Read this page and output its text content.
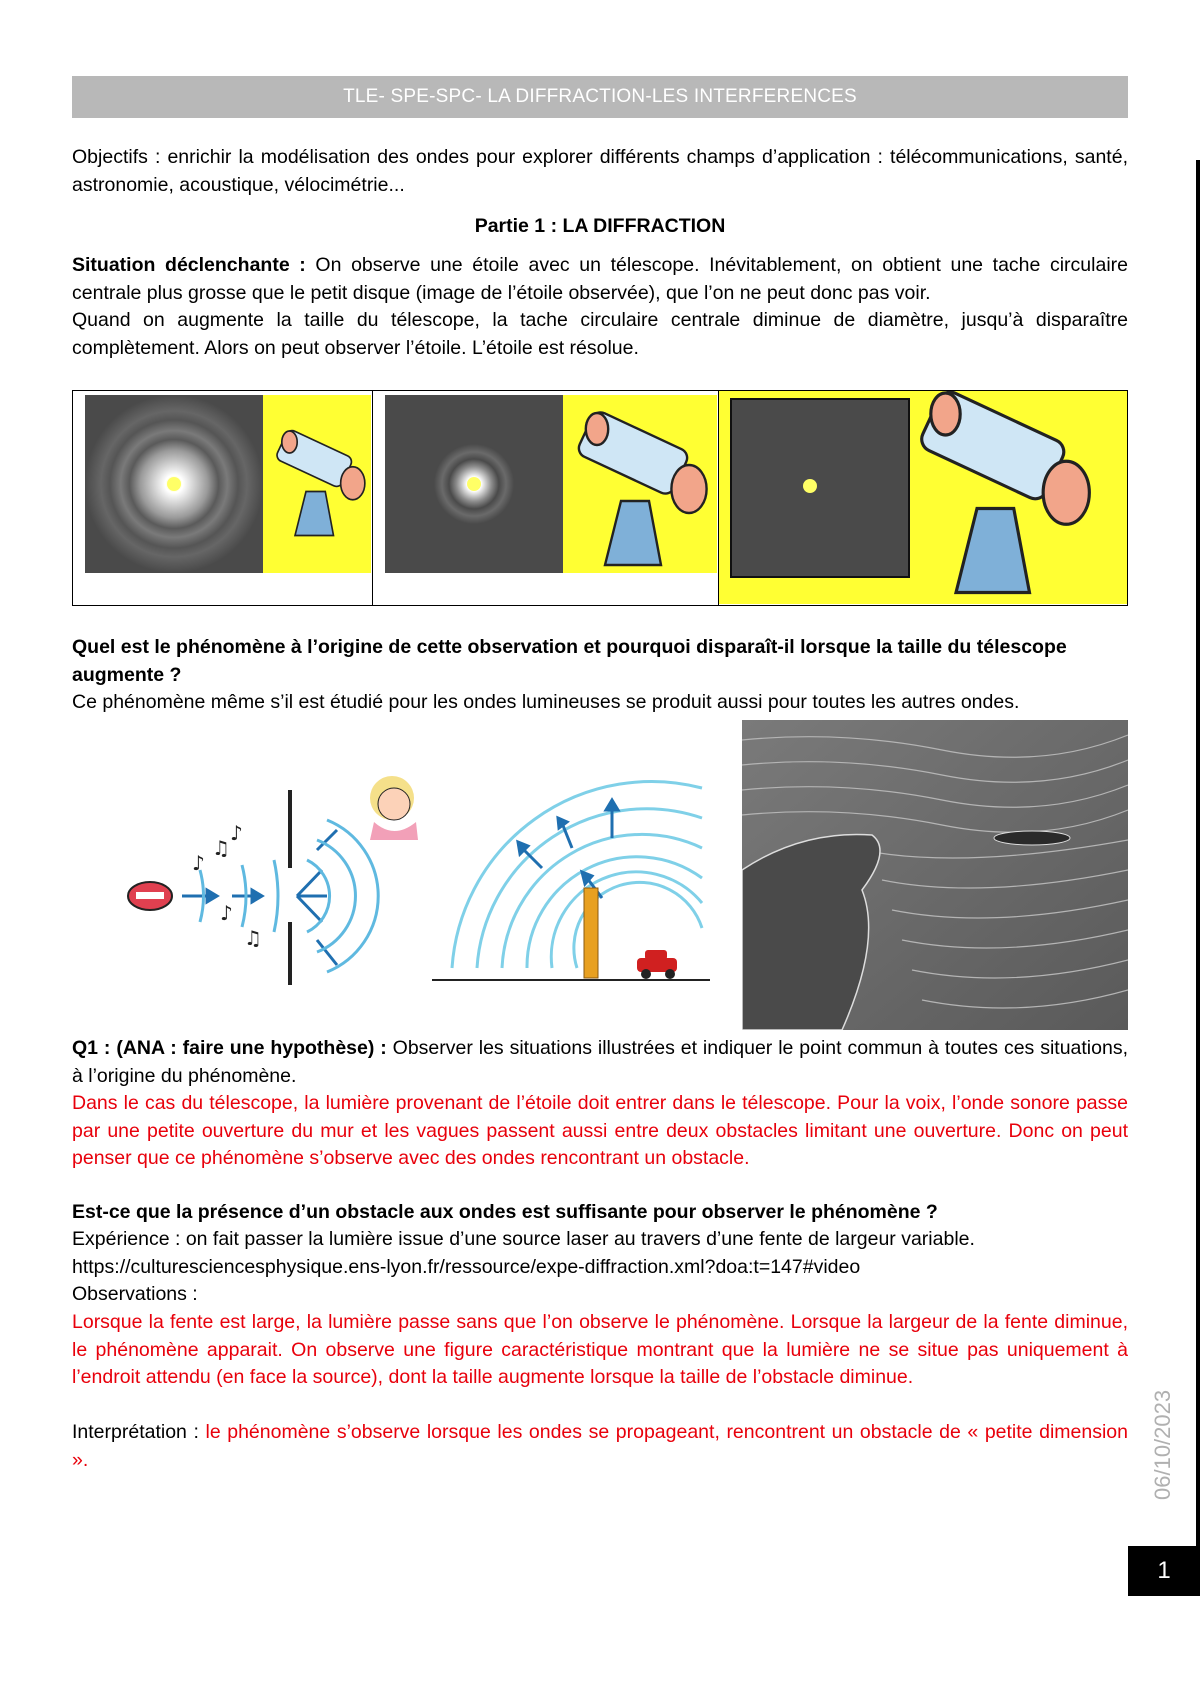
TLE- SPE-SPC- LA DIFFRACTION-LES INTERFERENCES
Objectifs : enrichir la modélisation des ondes pour explorer différents champs d’application : télécommunications, santé, astronomie, acoustique, vélocimétrie...
Partie 1 : LA DIFFRACTION
Situation déclenchante : On observe une étoile avec un télescope. Inévitablement, on obtient une tache circulaire centrale plus grosse que le petit disque (image de l’étoile observée), que l’on ne peut donc pas voir.
Quand on augmente la taille du télescope, la tache circulaire centrale diminue de diamètre, jusqu’à disparaître complètement. Alors on peut observer l’étoile. L’étoile est résolue.
Quel est le phénomène à l’origine de cette observation et pourquoi disparaît-il lorsque la taille du télescope augmente ?
Ce phénomène même s’il est étudié pour les ondes lumineuses se produit aussi pour toutes les autres ondes.
♪
♫
♪
♪
♫
Q1 : (ANA : faire une hypothèse) : Observer les situations illustrées et indiquer le point commun à toutes ces situations, à l’origine du phénomène.
Dans le cas du télescope, la lumière provenant de l’étoile doit entrer dans le télescope. Pour la voix, l’onde sonore passe par une petite ouverture du mur et les vagues passent aussi entre deux obstacles limitant une ouverture. Donc on peut penser que ce phénomène s’observe avec des ondes rencontrant un obstacle.
Est-ce que la présence d’un obstacle aux ondes est suffisante pour observer le phénomène ?
Expérience : on fait passer la lumière issue d’une source laser au travers d’une fente de largeur variable.
https://culturesciencesphysique.ens-lyon.fr/ressource/expe-diffraction.xml?doa:t=147#video
Observations :
Lorsque la fente est large, la lumière passe sans que l’on observe le phénomène. Lorsque la largeur de la fente diminue, le phénomène apparait. On observe une figure caractéristique montrant que la lumière ne se situe pas uniquement à l’endroit attendu (en face la source), dont la taille augmente lorsque la taille de l’obstacle diminue.
Interprétation : le phénomène s’observe lorsque les ondes se propageant, rencontrent un obstacle de « petite dimension ».	06/10/2023
1
